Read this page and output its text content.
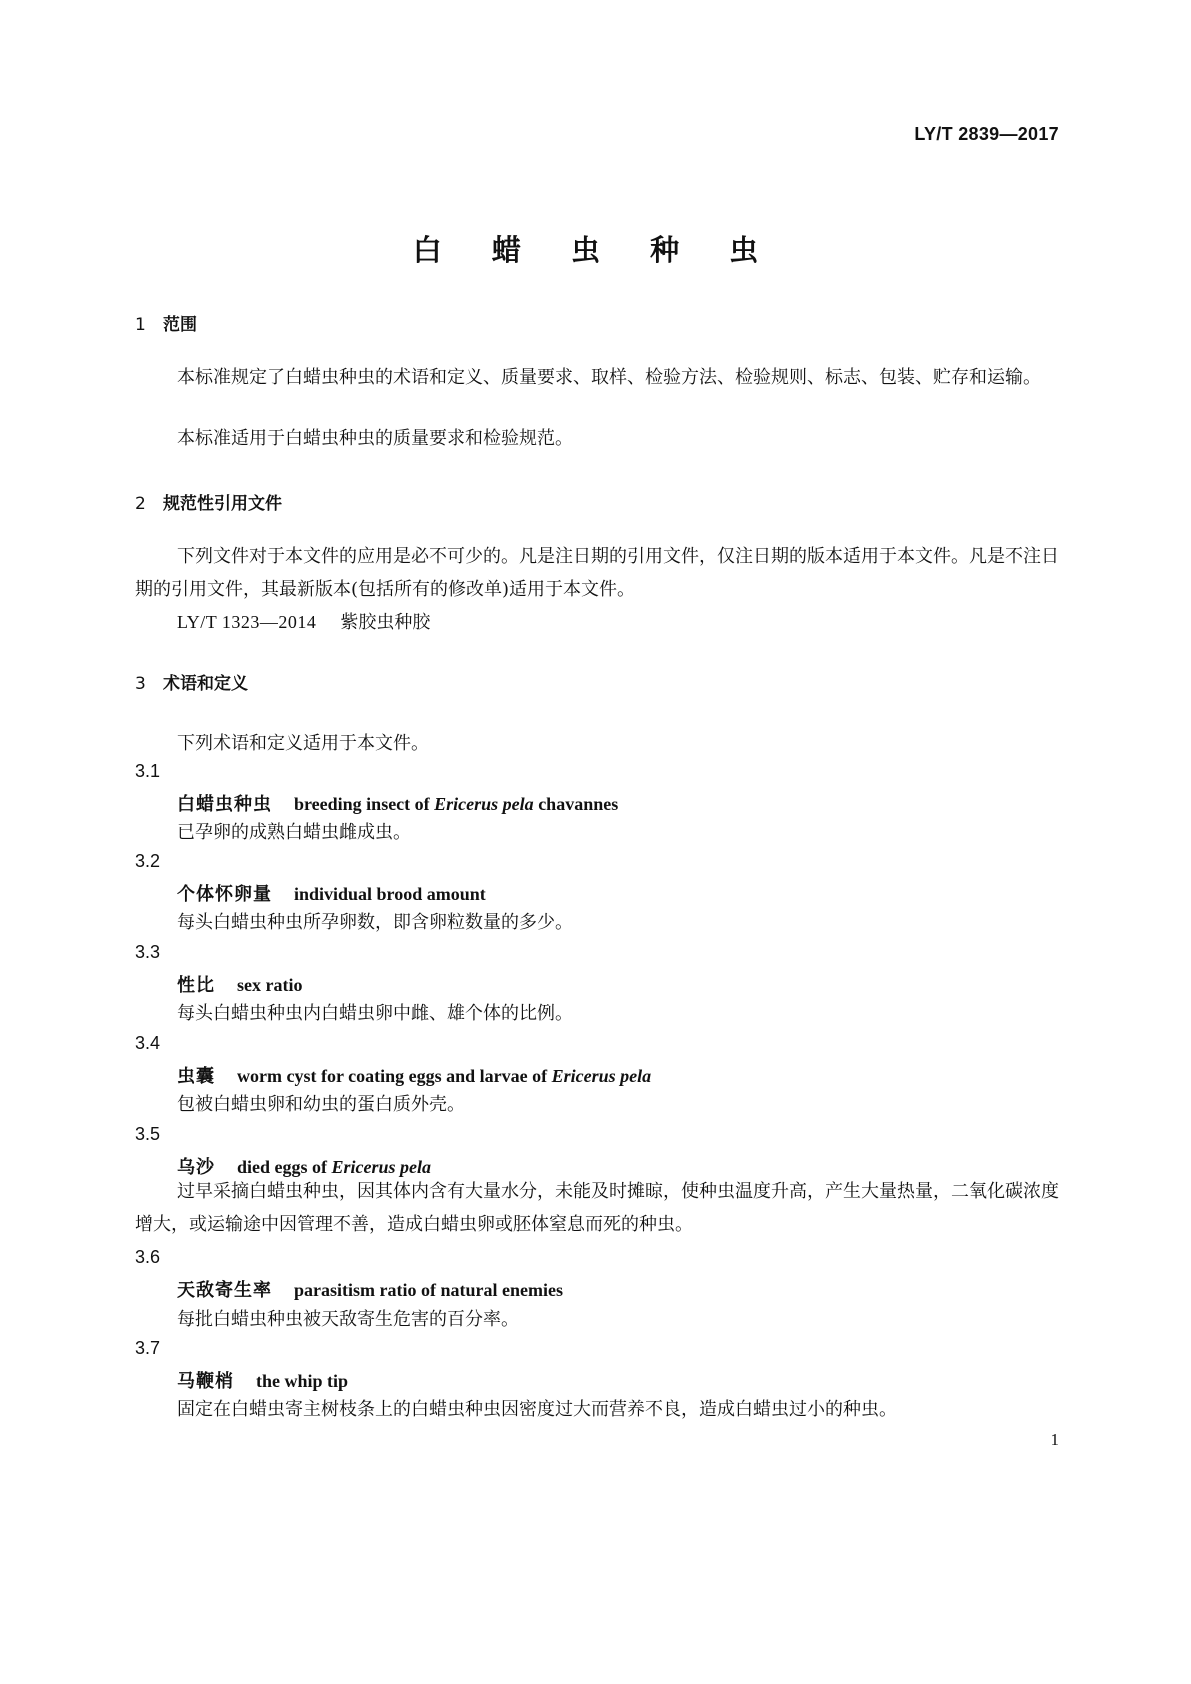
LY/T 2839—2017
白 蜡 虫 种 虫
1 范围
本标准规定了白蜡虫种虫的术语和定义、质量要求、取样、检验方法、检验规则、标志、包装、贮存和运输。
本标准适用于白蜡虫种虫的质量要求和检验规范。
2 规范性引用文件
下列文件对于本文件的应用是必不可少的。凡是注日期的引用文件，仅注日期的版本适用于本文件。凡是不注日期的引用文件，其最新版本(包括所有的修改单)适用于本文件。
LY/T 1323—2014 紫胶虫种胶
3 术语和定义
下列术语和定义适用于本文件。
3.1
白蜡虫种虫 breeding insect of Ericerus pela chavannes
已孕卵的成熟白蜡虫雌成虫。
3.2
个体怀卵量 individual brood amount
每头白蜡虫种虫所孕卵数，即含卵粒数量的多少。
3.3
性比 sex ratio
每头白蜡虫种虫内白蜡虫卵中雌、雄个体的比例。
3.4
虫囊 worm cyst for coating eggs and larvae of Ericerus pela
包被白蜡虫卵和幼虫的蛋白质外壳。
3.5
乌沙 died eggs of Ericerus pela
过早采摘白蜡虫种虫，因其体内含有大量水分，未能及时摊晾，使种虫温度升高，产生大量热量，二氧化碳浓度增大，或运输途中因管理不善，造成白蜡虫卵或胚体窒息而死的种虫。
3.6
天敌寄生率 parasitism ratio of natural enemies
每批白蜡虫种虫被天敌寄生危害的百分率。
3.7
马鞭梢 the whip tip
固定在白蜡虫寄主树枝条上的白蜡虫种虫因密度过大而营养不良，造成白蜡虫过小的种虫。
1
